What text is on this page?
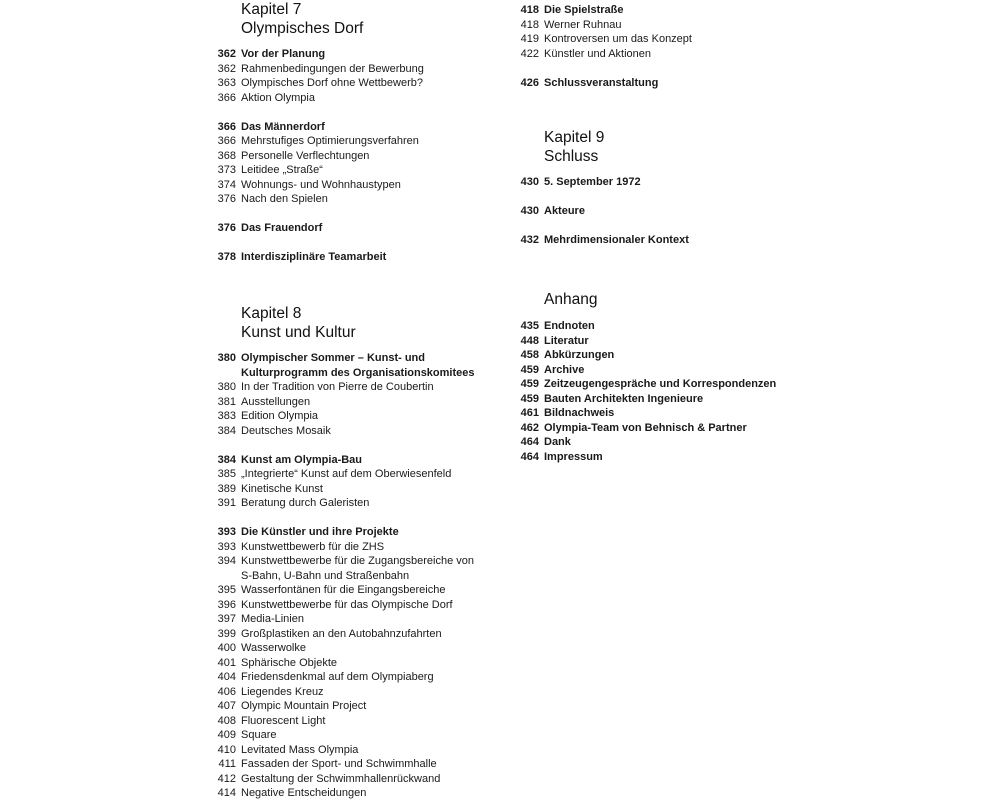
Kapitel 7
Olympisches Dorf
362 Vor der Planung
362 Rahmenbedingungen der Bewerbung
363 Olympisches Dorf ohne Wettbewerb?
366 Aktion Olympia
366 Das Männerdorf
366 Mehrstufiges Optimierungsverfahren
368 Personelle Verflechtungen
373 Leitidee „Straße“
374 Wohnungs- und Wohnhaustypen
376 Nach den Spielen
376 Das Frauendorf
378 Interdisziplinäre Teamarbeit
Kapitel 8
Kunst und Kultur
380 Olympischer Sommer – Kunst- und
Kulturprogramm des Organisationskomitees
380 In der Tradition von Pierre de Coubertin
381 Ausstellungen
383 Edition Olympia
384 Deutsches Mosaik
384 Kunst am Olympia-Bau
385 „Integrierte“ Kunst auf dem Oberwiesenfeld
389 Kinetische Kunst
391 Beratung durch Galeristen
393 Die Künstler und ihre Projekte
393 Kunstwettbewerb für die ZHS
394 Kunstwettbewerbe für die Zugangsbereiche von
S-Bahn, U-Bahn und Straßenbahn
395 Wasserfontänen für die Eingangsbereiche
396 Kunstwettbewerbe für das Olympische Dorf
397 Media-Linien
399 Großplastiken an den Autobahnzufahrten
400 Wasserwolke
401 Sphärische Objekte
404 Friedensdenkmal auf dem Olympiaberg
406 Liegendes Kreuz
407 Olympic Mountain Project
408 Fluorescent Light
409 Square
410 Levitated Mass Olympia
411 Fassaden der Sport- und Schwimmhalle
412 Gestaltung der Schwimmhallenrückwand
414 Negative Entscheidungen
418 Die Spielstraße
418 Werner Ruhnau
419 Kontroversen um das Konzept
422 Künstler und Aktionen
426 Schlussveranstaltung
Kapitel 9
Schluss
430 5. September 1972
430 Akteure
432 Mehrdimensionaler Kontext
Anhang
435 Endnoten
448 Literatur
458 Abkürzungen
459 Archive
459 Zeitzeugengespräche und Korrespondenzen
459 Bauten Architekten Ingenieure
461 Bildnachweis
462 Olympia-Team von Behnisch & Partner
464 Dank
464 Impressum
